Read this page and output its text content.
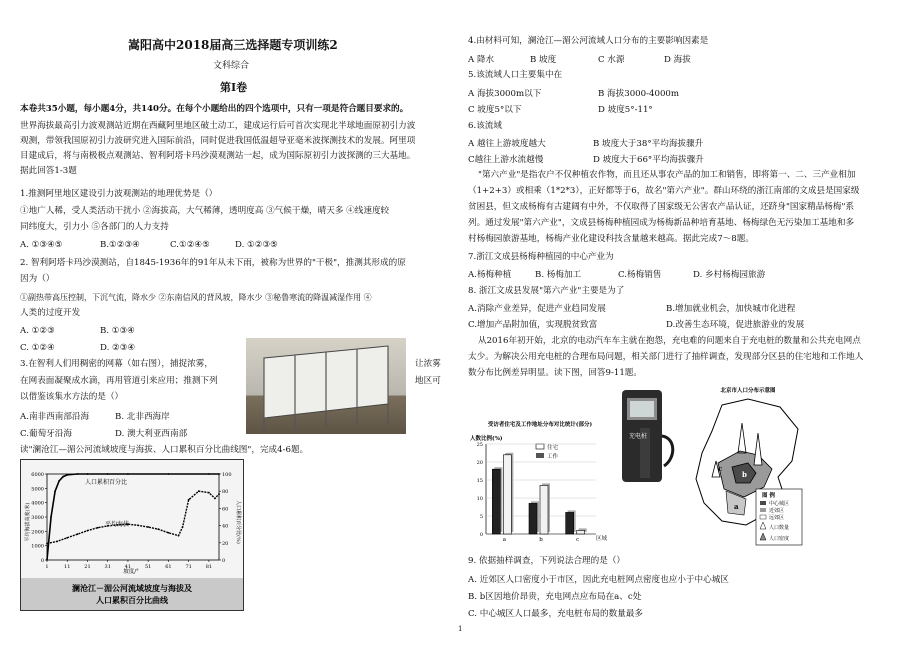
嵩阳高中2018届高三选择题专项训练2
文科综合
第Ⅰ卷
本卷共35小题，每小题4分，共140分。在每个小题给出的四个选项中，只有一项是符合题目要求的。
世界海拔最高引力波观测站近期在西藏阿里地区破土动工，建成运行后可首次实现北半球地面原初引力波
观测，带领我国原初引力波研究进入国际前沿，同时促进我国低温超导亚毫米波探测技术的发展。阿里项
目建成后，将与南极极点观测站、智利阿塔卡玛沙漠观测站一起，成为国际原初引力波探测的三大基地。
据此回答1-3题
1.推测阿里地区建设引力波观测站的地理优势是（）
①地广人稀，受人类活动干扰小 ②海拔高，大气稀薄，透明度高 ③气候干燥，晴天多 ④线速度较
同纬度大，引力小 ⑤各部门的人力支持
A. ①③④⑤	B.①②③④	C.①②④⑤	D. ①②③⑤
2. 智利阿塔卡玛沙漠测站，自1845-1936年的91年从未下雨，被称为世界的"干极"，推测其形成的原
因为（）
①副热带高压控制，下沉气流，降水少 ②东南信风的背风坡，降水少 ③秘鲁寒流的降温减湿作用 ④
人类的过度开发
A. ①②③	B. ①③④
C. ①②④	D. ②③④
3.在智利人们用稠密的网幕（如右图），捕捉浓雾，	让浓雾
在网表面凝聚成水滴，再用管道引来应用；推测下列	地区可
以借鉴该集水方法的是（）
A.南非西南部沿海	B. 北非西海岸
C.葡萄牙沿海	D. 澳大利亚西南部
读"澜沧江—湄公河流域坡度与海拔、人口累积百分比曲线图"，完成4-6题。
澜沧江－湄公河流域坡度与海拔及
人口累积百分比曲线
6000
5000
4000
3000
2000
1000
0
100
80
60
40
20
0
1	11	21	31	41	51	61	71	81
人口累积百分比
平均海拔
坡度/°
平均海拔高度(米)	人口累积百分比(%)
4.由材料可知，澜沧江—湄公河流域人口分布的主要影响因素是
A 降水	B 坡度	C 水源	D 海拔
5.该流域人口主要集中在
A 海拔3000m以下	B 海拔3000-4000m
C 坡度5°以下	D 坡度5°-11°
6.该流域
A 越往上游坡度越大	B 坡度大于38°平均海拔骤升
C越往上游水流越慢	D 坡度大于66°平均海拔骤升
"第六产业"是指农户不仅种植农作物，而且还从事农产品的加工和销售，即将第一、二、三产业相加
（1+2+3）或相乘（1*2*3），正好都等于6，故名"第六产业"。群山环绕的浙江南部的文成县是国家级
贫困县，但文成杨梅有古建阔有中外，不仅取得了国家级无公害农产品认证，还跻身"国家精品杨梅"系
列。通过发展"第六产业"，文成县杨梅种植园成为杨梅新品种培育基地、杨梅绿色无污染加工基地和多
村杨梅园旅游基地，杨梅产业化建设科技含量越来越高。据此完成7～8题。
7.浙江文成县杨梅种植园的中心产业为
A.杨梅种植	B. 杨梅加工	C.杨梅销售	D. 乡村杨梅园旅游
8. 浙江文成县发展"第六产业"主要是为了
A.消除产业差异，促进产业趋同发展	B.增加就业机会，加快城市化进程
C.增加产品附加值，实现脱贫致富	D.改善生态环境，促进旅游业的发展
从2016年初开始，北京的电动汽车车主就在抱怨，充电难的问题来自于充电桩的数量和公共充电网点
太少。为解决公用充电桩的合理布局问题，相关部门进行了抽样调查，发现部分区县的住宅地和工作地人
数分布比例差异明显。读下图，回答9-11题。
受访者住宅及工作地址分布对比统计(部分)
人数比例(%)
住宅
工作
25
20
15
10
5
0
a	b	c	区域
充电桩
北京市人口分布示意图
a
b
c
图 例
中心城区
近郊区
远郊区
人口数量
人口密度
9. 依据抽样调查，下列说法合理的是（）
A. 近郊区人口密度小于市区，因此充电桩网点密度也应小于中心城区
B. b区因地价昂贵，充电网点应布局在a、c处
C. 中心城区人口最多，充电桩布局的数量最多
1
